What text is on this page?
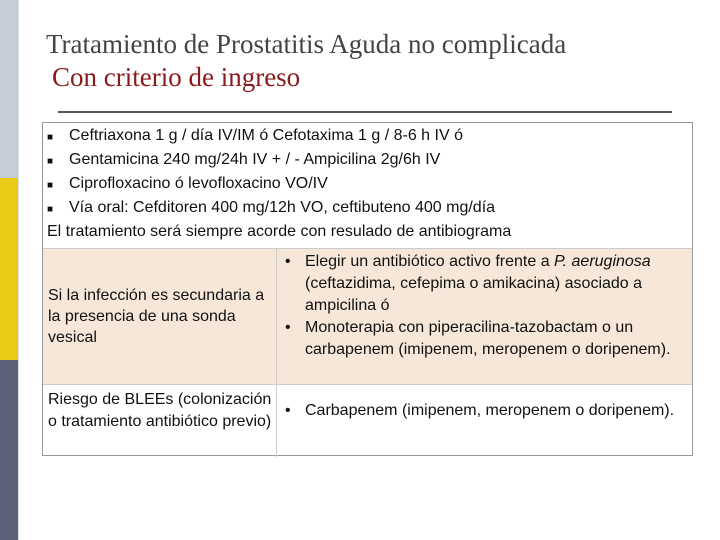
Tratamiento de Prostatitis Aguda no complicada
Con criterio de ingreso
■ Ceftriaxona 1 g / día IV/IM ó Cefotaxima 1 g / 8-6 h IV ó
■ Gentamicina 240 mg/24h IV + / - Ampicilina 2g/6h IV
■ Ciprofloxacino ó levofloxacino VO/IV
■ Vía oral: Cefditoren 400 mg/12h VO, ceftibuteno 400 mg/día
El tratamiento será siempre acorde con resulado de antibiograma
Si la infección es secundaria a la presencia de una sonda vesical
• Elegir un antibiótico activo frente a P. aeruginosa (ceftazidima, cefepima o amikacina) asociado a ampicilina ó
• Monoterapia con piperacilina-tazobactam o un carbapenem (imipenem, meropenem o doripenem).
Riesgo de BLEEs (colonización o tratamiento antibiótico previo)
• Carbapenem (imipenem, meropenem o doripenem).
